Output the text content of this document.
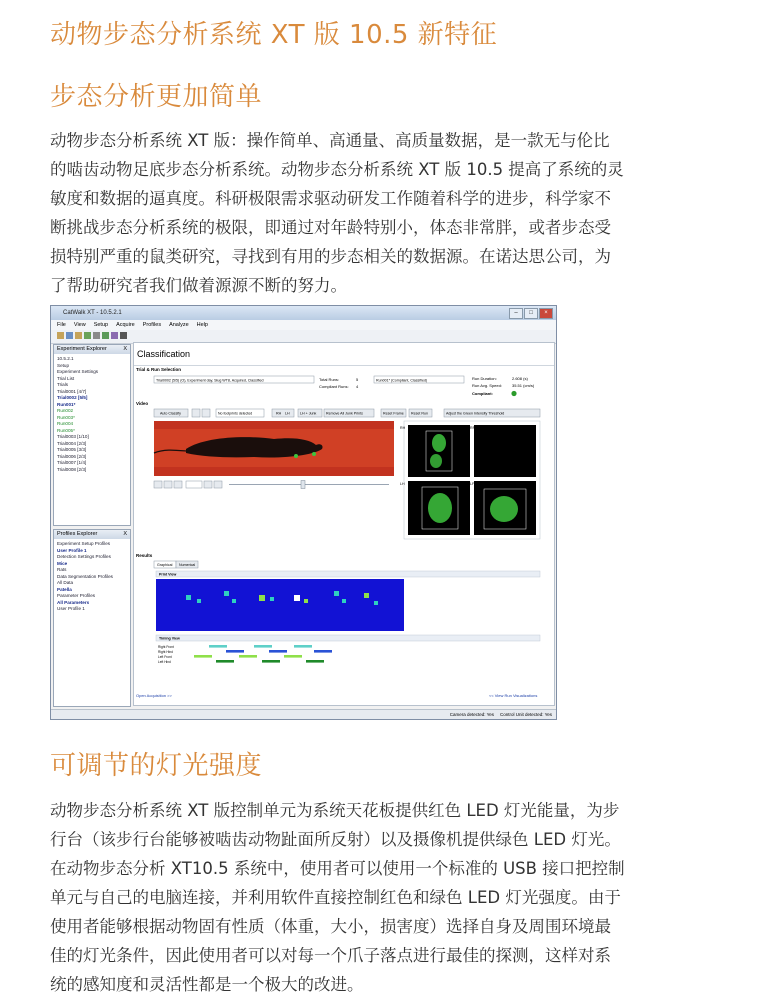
动物步态分析系统 XT 版 10.5 新特征
步态分析更加简单
动物步态分析系统 XT 版：操作简单、高通量、高质量数据，是一款无与伦比
的啮齿动物足底步态分析系统。动物步态分析系统 XT 版 10.5 提高了系统的灵
敏度和数据的逼真度。科研极限需求驱动研发工作随着科学的进步，科学家不
断挑战步态分析系统的极限，即通过对年龄特别小，体态非常胖，或者步态受
损特别严重的鼠类研究，寻找到有用的步态相关的数据源。在诺达思公司，为
了帮助研究者我们做着源源不断的努力。
CatWalk XT - 10.5.2.1	–	□	×
File View Setup Acquire Profiles Analyze Help
Experiment Explorer	X
10.5.2.1
Setup
Experiment Settings
Trial List
Trials
Trial0001 [4/7]
Trial0002 [5/5]
Run001*
Run002
Run003*
Run004
Run005*
Trial0003 [1/10]
Trial0004 [2/3]
Trial0005 [3/3]
Trial0006 [2/3]
Trial0007 [1/4]
Trial0008 [2/3]
Profiles Explorer	X
Experiment Setup Profiles
User Profile 1
Detection Settings Profiles
Mice
Rats
Data Segmentation Profiles
All Data
Patella
Parameter Profiles
All Parameters
User Profile 1
Classification
Trial & Run Selection
Trial0002 (5/5) (O), Experiment day, Slug WT8, Acquired, Classified	Total Runs:	5
Compliant Runs: 4
Run001* (Compliant, Classified)	Run Duration:	2.608 (s)
Run Avg. Speed:	35.51 (cm/s)
Compliant:
Video
Auto Classify	No footprints detected	RH LH	LH + Junk	Remove All Junk Prints	Reset Frame Reset Run	Adjust the Green Intensity Threshold
RH	RF
LH	LF
Results
Graphical Numerical
Print View
Timing View
Right Front
Right Hind
Left Front
Left Hind
Open Acquisition >>	<< View Run Visualizations
Camera detected: Yes Control Unit detected: Yes
可调节的灯光强度
动物步态分析系统 XT 版控制单元为系统天花板提供红色 LED 灯光能量，为步
行台（该步行台能够被啮齿动物趾面所反射）以及摄像机提供绿色 LED 灯光。
在动物步态分析 XT10.5 系统中，使用者可以使用一个标准的 USB 接口把控制
单元与自己的电脑连接，并利用软件直接控制红色和绿色 LED 灯光强度。由于
使用者能够根据动物固有性质（体重，大小，损害度）选择自身及周围环境最
佳的灯光条件，因此使用者可以对每一个爪子落点进行最佳的探测，这样对系
统的感知度和灵活性都是一个极大的改进。
